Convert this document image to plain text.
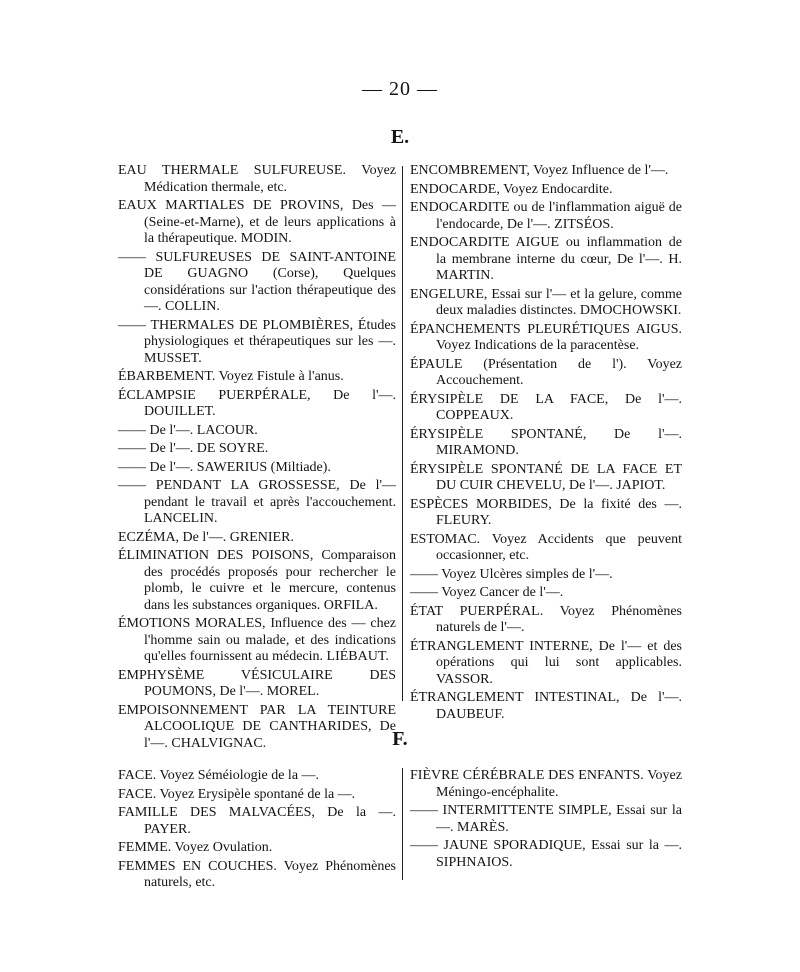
— 20 —
E.

EAU THERMALE SULFUREUSE. Voyez Médication thermale, etc.

EAUX MARTIALES DE PROVINS, Des — (Seine-et-Marne), et de leurs applications à la thérapeutique. MODIN.

—— SULFUREUSES DE SAINT-ANTOINE DE GUAGNO (Corse), Quelques considérations sur l'action thérapeutique des —. COLLIN.

—— THERMALES DE PLOMBIÈRES, Études physiologiques et thérapeutiques sur les —. MUSSET.

ÉBARBEMENT. Voyez Fistule à l'anus.

ÉCLAMPSIE PUERPÉRALE, De l'—. DOUILLET.

—— De l'—. LACOUR.

—— De l'—. DE SOYRE.

—— De l'—. SAWERIUS (Miltiade).

—— PENDANT LA GROSSESSE, De l'— pendant le travail et après l'accouchement. LANCELIN.

ECZÉMA, De l'—. GRENIER.

ÉLIMINATION DES POISONS, Comparaison des procédés proposés pour rechercher le plomb, le cuivre et le mercure, contenus dans les substances organiques. ORFILA.

ÉMOTIONS MORALES, Influence des — chez l'homme sain ou malade, et des indications qu'elles fournissent au médecin. LIÉBAUT.

EMPHYSÈME VÉSICULAIRE DES POUMONS, De l'—. MOREL.

EMPOISONNEMENT PAR LA TEINTURE ALCOOLIQUE DE CANTHARIDES, De l'—. CHALVIGNAC.

ENCOMBREMENT, Voyez Influence de l'—.

ENDOCARDE, Voyez Endocardite.

ENDOCARDITE ou de l'inflammation aiguë de l'endocarde, De l'—. ZITSÉOS.

ENDOCARDITE AIGUE ou inflammation de la membrane interne du cœur, De l'—. H. MARTIN.

ENGELURE, Essai sur l'— et la gelure, comme deux maladies distinctes. DMOCHOWSKI.

ÉPANCHEMENTS PLEURÉTIQUES AIGUS. Voyez Indications de la paracentèse.

ÉPAULE (Présentation de l'). Voyez Accouchement.

ÉRYSIPÈLE DE LA FACE, De l'—. COPPEAUX.

ÉRYSIPÈLE SPONTANÉ, De l'—. MIRAMOND.

ÉRYSIPÈLE SPONTANÉ DE LA FACE ET DU CUIR CHEVELU, De l'—. JAPIOT.

ESPÈCES MORBIDES, De la fixité des —. FLEURY.

ESTOMAC. Voyez Accidents que peuvent occasionner, etc.

—— Voyez Ulcères simples de l'—.

—— Voyez Cancer de l'—.

ÉTAT PUERPÉRAL. Voyez Phénomènes naturels de l'—.

ÉTRANGLEMENT INTERNE, De l'— et des opérations qui lui sont applicables. VASSOR.

ÉTRANGLEMENT INTESTINAL, De l'—. DAUBEUF.

F.

FACE. Voyez Séméiologie de la —.

FACE. Voyez Erysipèle spontané de la —.

FAMILLE DES MALVACÉES, De la —. PAYER.

FEMME. Voyez Ovulation.

FEMMES EN COUCHES. Voyez Phénomènes naturels, etc.

FIÈVRE CÉRÉBRALE DES ENFANTS. Voyez Méningo-encéphalite.

—— INTERMITTENTE SIMPLE, Essai sur la —. MARÈS.

—— JAUNE SPORADIQUE, Essai sur la —. SIPHNAIOS.
